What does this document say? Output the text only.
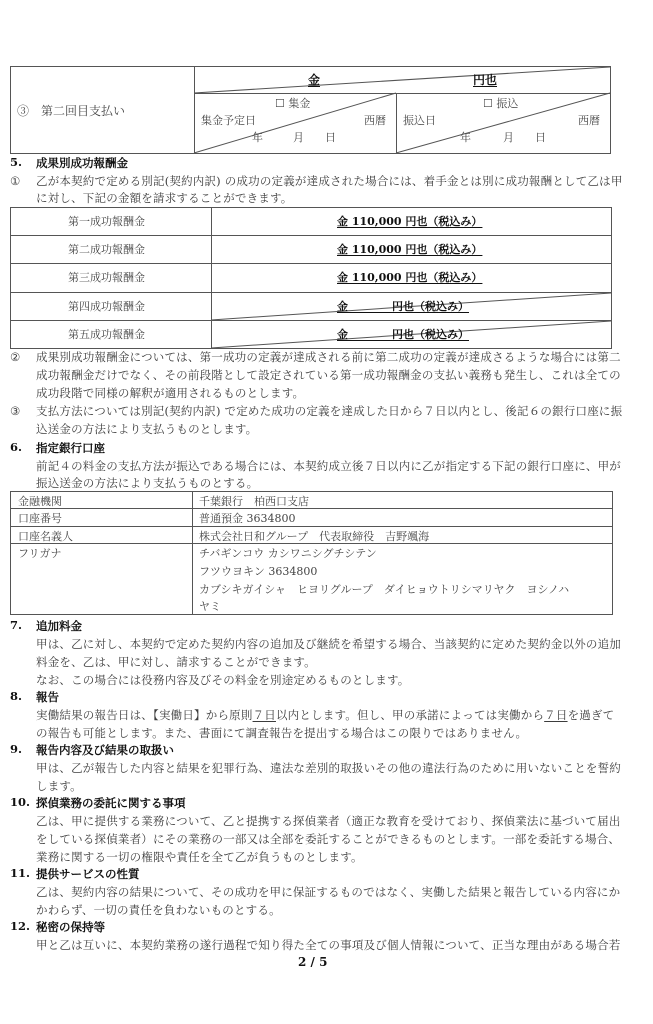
③　第二回目支払い
金	円也
☐ 集金
集金予定日	西暦
年	月 日
☐ 振込
振込日	西暦
年	月 日
5. 成果別成功報酬金
① 乙が本契約で定める別記(契約内訳) の成功の定義が達成された場合には、着手金とは別に成功報酬として乙は甲
に対し、下記の金額を請求することができます。
第一成功報酬金	金 110,000 円也（税込み）
第二成功報酬金	金 110,000 円也（税込み）
第三成功報酬金	金 110,000 円也（税込み）
第四成功報酬金	金　　　　円也（税込み）
第五成功報酬金	金　　　　円也（税込み）
② 成果別成功報酬金については、第一成功の定義が達成される前に第二成功の定義が達成さるような場合には第二
成功報酬金だけでなく、その前段階として設定されている第一成功報酬金の支払い義務も発生し、これは全ての
成功段階で同様の解釈が適用されるものとします。
③ 支払方法については別記(契約内訳) で定めた成功の定義を達成した日から７日以内とし、後記６の銀行口座に振
込送金の方法により支払うものとします。
6. 指定銀行口座
前記４の料金の支払方法が振込である場合には、本契約成立後７日以内に乙が指定する下記の銀行口座に、甲が
振込送金の方法により支払うものとする。
金融機関	千葉銀行　柏西口支店
口座番号	普通預金 3634800
口座名義人	株式会社日和グループ　代表取締役　吉野颯海
フリガナ	チバギンコウ カシワニシグチシテン
フツウヨキン 3634800
カブシキガイシャ　ヒヨリグループ　ダイヒョウトリシマリヤク　ヨシノハ
ヤミ
7. 追加料金
甲は、乙に対し、本契約で定めた契約内容の追加及び継続を希望する場合、当該契約に定めた契約金以外の追加
料金を、乙は、甲に対し、請求することができます。
なお、この場合には役務内容及びその料金を別途定めるものとします。
8. 報告
実働結果の報告日は、【実働日】から原則７日以内とします。但し、甲の承諾によっては実働から７日を過ぎて
の報告も可能とします。また、書面にて調査報告を提出する場合はこの限りではありません。
9. 報告内容及び結果の取扱い
甲は、乙が報告した内容と結果を犯罪行為、違法な差別的取扱いその他の違法行為のために用いないことを誓約
します。
10. 探偵業務の委託に関する事項
乙は、甲に提供する業務について、乙と提携する探偵業者（適正な教育を受けており、探偵業法に基づいて届出
をしている探偵業者）にその業務の一部又は全部を委託することができるものとします。一部を委託する場合、
業務に関する一切の権限や責任を全て乙が負うものとします。
11. 提供サービスの性質
乙は、契約内容の結果について、その成功を甲に保証するものではなく、実働した結果と報告している内容にか
かわらず、一切の責任を負わないものとする。
12. 秘密の保持等
甲と乙は互いに、本契約業務の遂行過程で知り得た全ての事項及び個人情報について、正当な理由がある場合若
2 / 5
